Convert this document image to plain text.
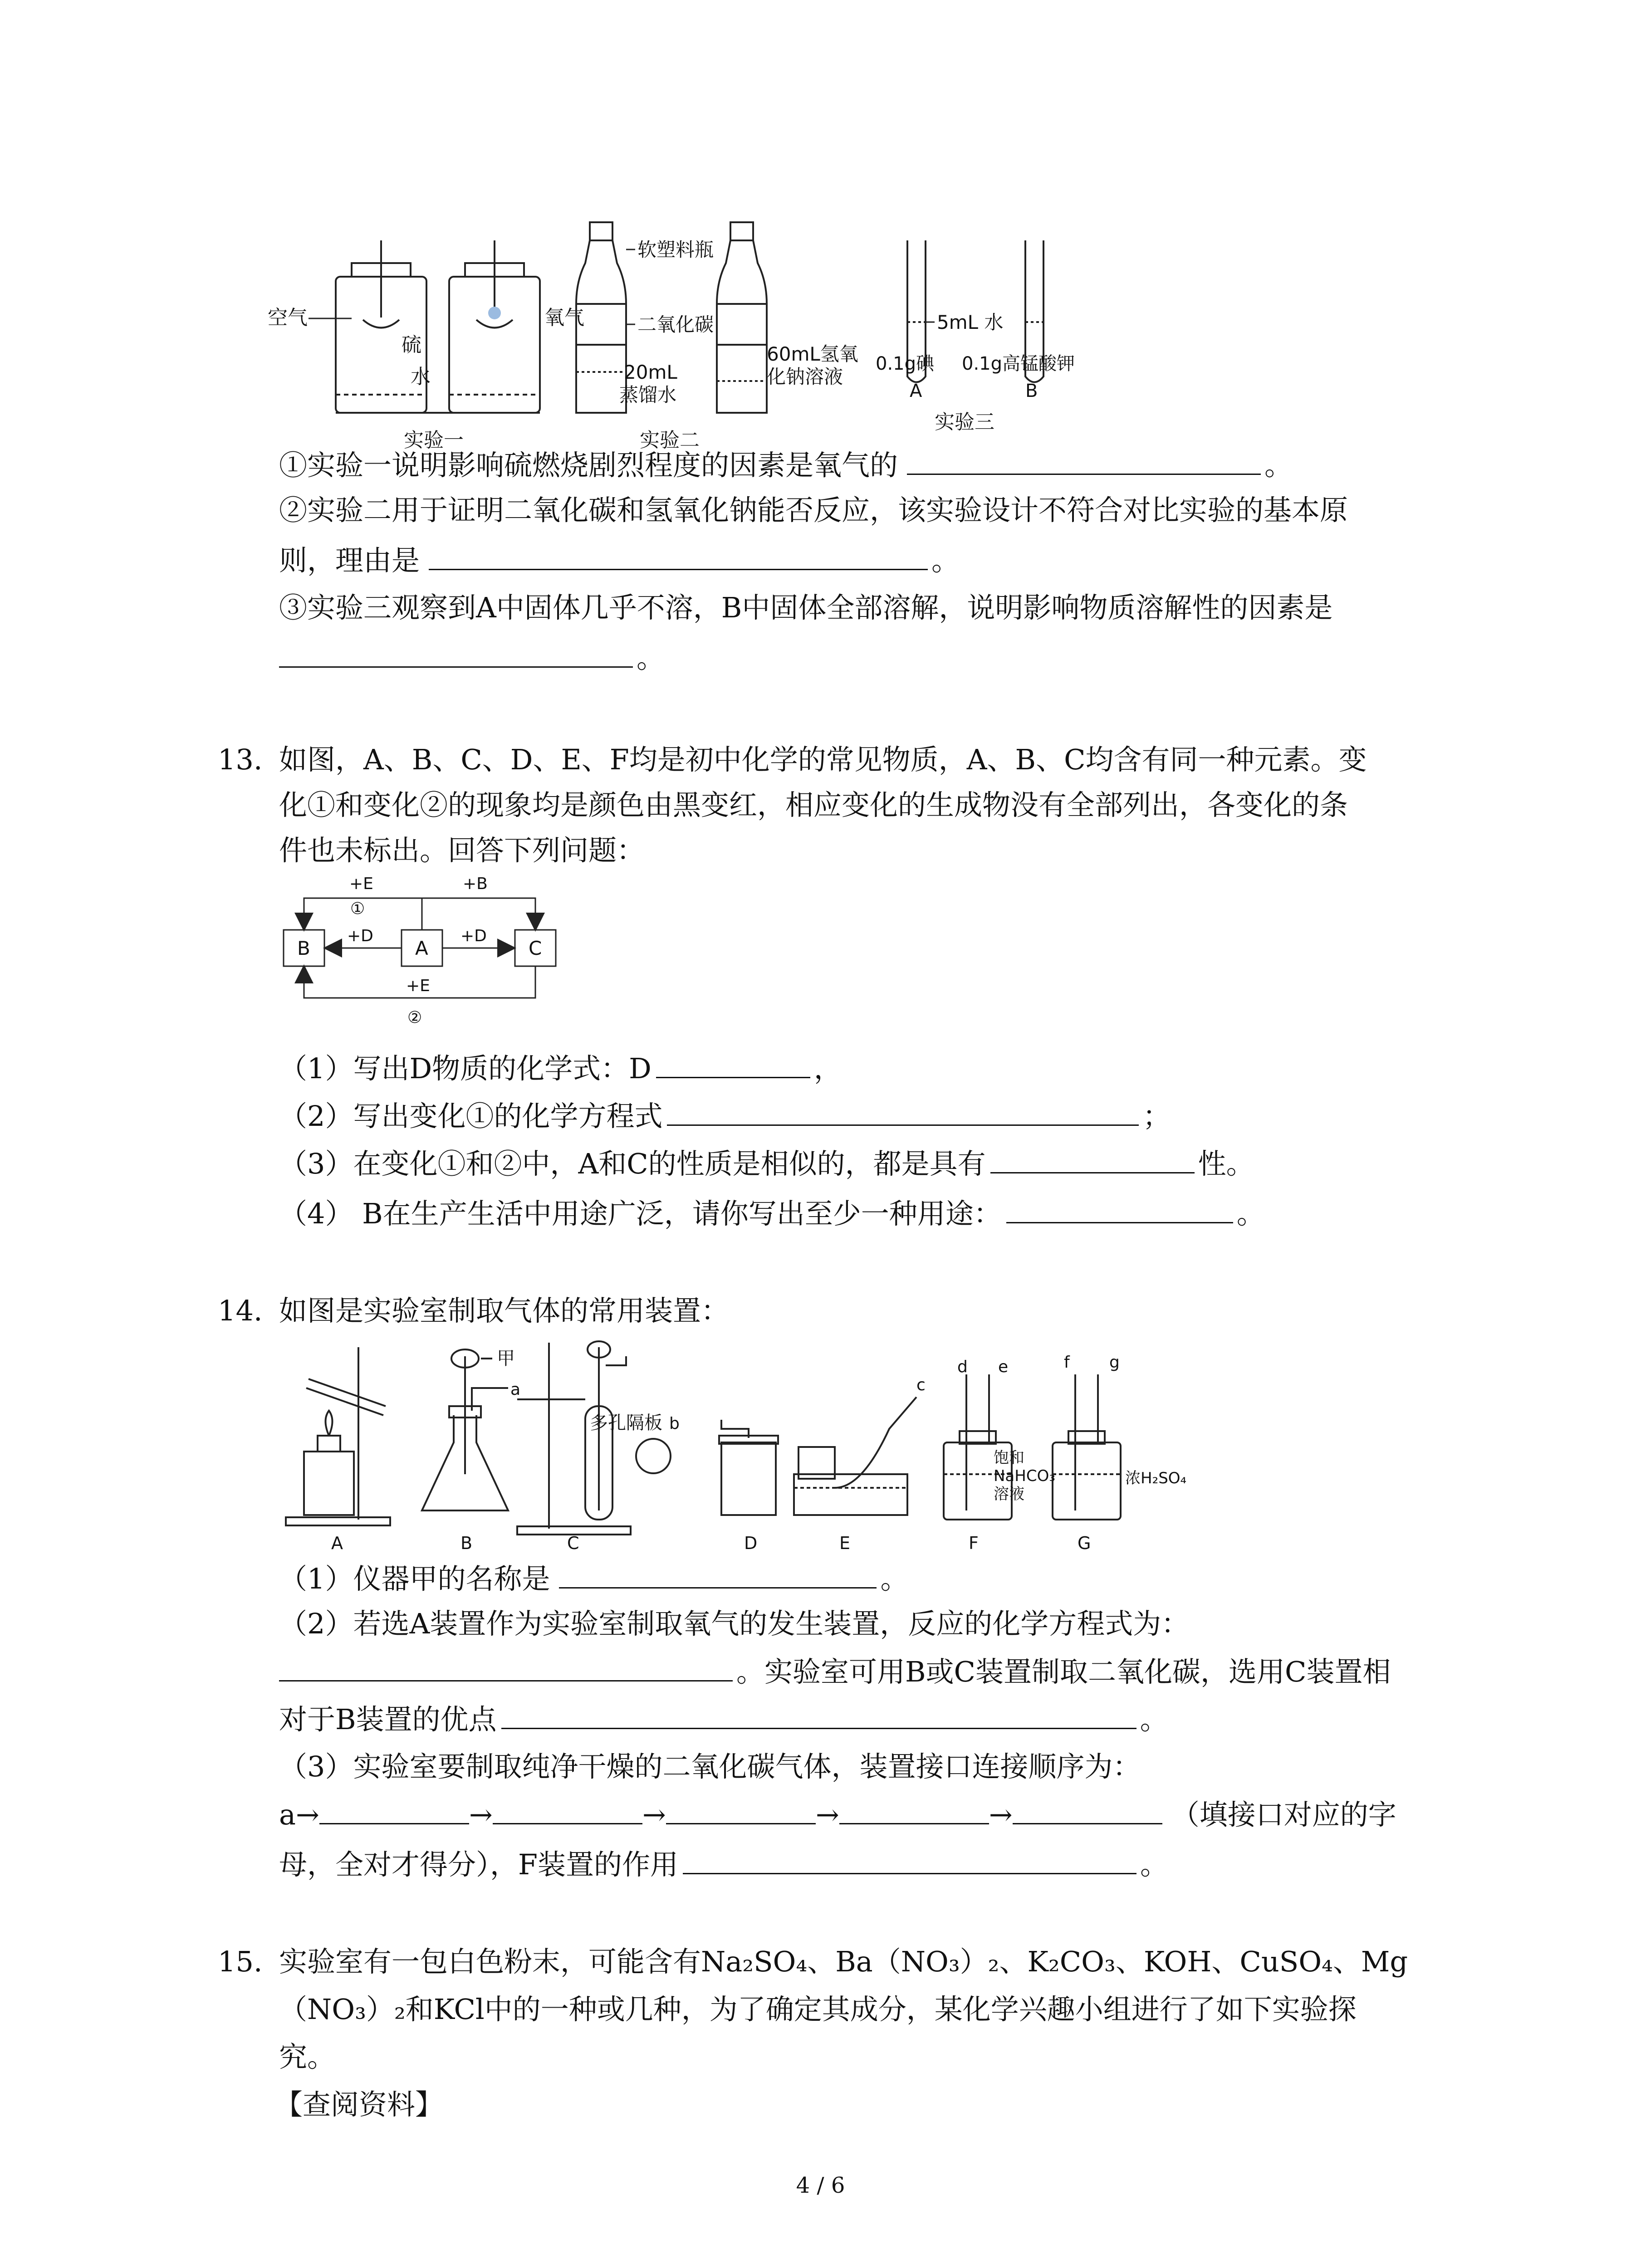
空气
硫
氧气
水
实验一
软塑料瓶
二氧化碳
20mL
蒸馏水
60mL氢氧
化钠溶液
实验二
5mL 水
0.1g碘 0.1g高锰酸钾
A	B
实验三
①实验一说明影响硫燃烧剧烈程度的因素是氧气的	。
②实验二用于证明二氧化碳和氢氧化钠能否反应，该实验设计不符合对比实验的基本原
则，理由是	。
③实验三观察到A中固体几乎不溶，B中固体全部溶解，说明影响物质溶解性的因素是
。
13. 如图，A、B、C、D、E、F均是初中化学的常见物质，A、B、C均含有同一种元素。变
化①和变化②的现象均是颜色由黑变红，相应变化的生成物没有全部列出，各变化的条
件也未标出。回答下列问题：
B	A	C
+E
①
+B
+D	+D
+E
②
（1）写出D物质的化学式：D	，
（2）写出变化①的化学方程式	；
（3）在变化①和②中，A和C的性质是相似的，都是具有	性。
（4） B在生产生活中用途广泛，请你写出至少一种用途：	。
14. 如图是实验室制取气体的常用装置：
甲
a
多孔隔板 b
c
d e	f g
饱和
NaHCO₃
溶液
浓H₂SO₄
A	B	C	D	E	F	G
（1）仪器甲的名称是	。
（2）若选A装置作为实验室制取氧气的发生装置，反应的化学方程式为：
。实验室可用B或C装置制取二氧化碳，选用C装置相
对于B装置的优点	。
（3）实验室要制取纯净干燥的二氧化碳气体，装置接口连接顺序为：
a→	→	→	→	→	（填接口对应的字
母，全对才得分），F装置的作用	。
15. 实验室有一包白色粉末，可能含有Na₂SO₄、Ba（NO₃）₂、K₂CO₃、KOH、CuSO₄、Mg
（NO₃）₂和KCl中的一种或几种，为了确定其成分，某化学兴趣小组进行了如下实验探
究。
【查阅资料】
4 / 6
